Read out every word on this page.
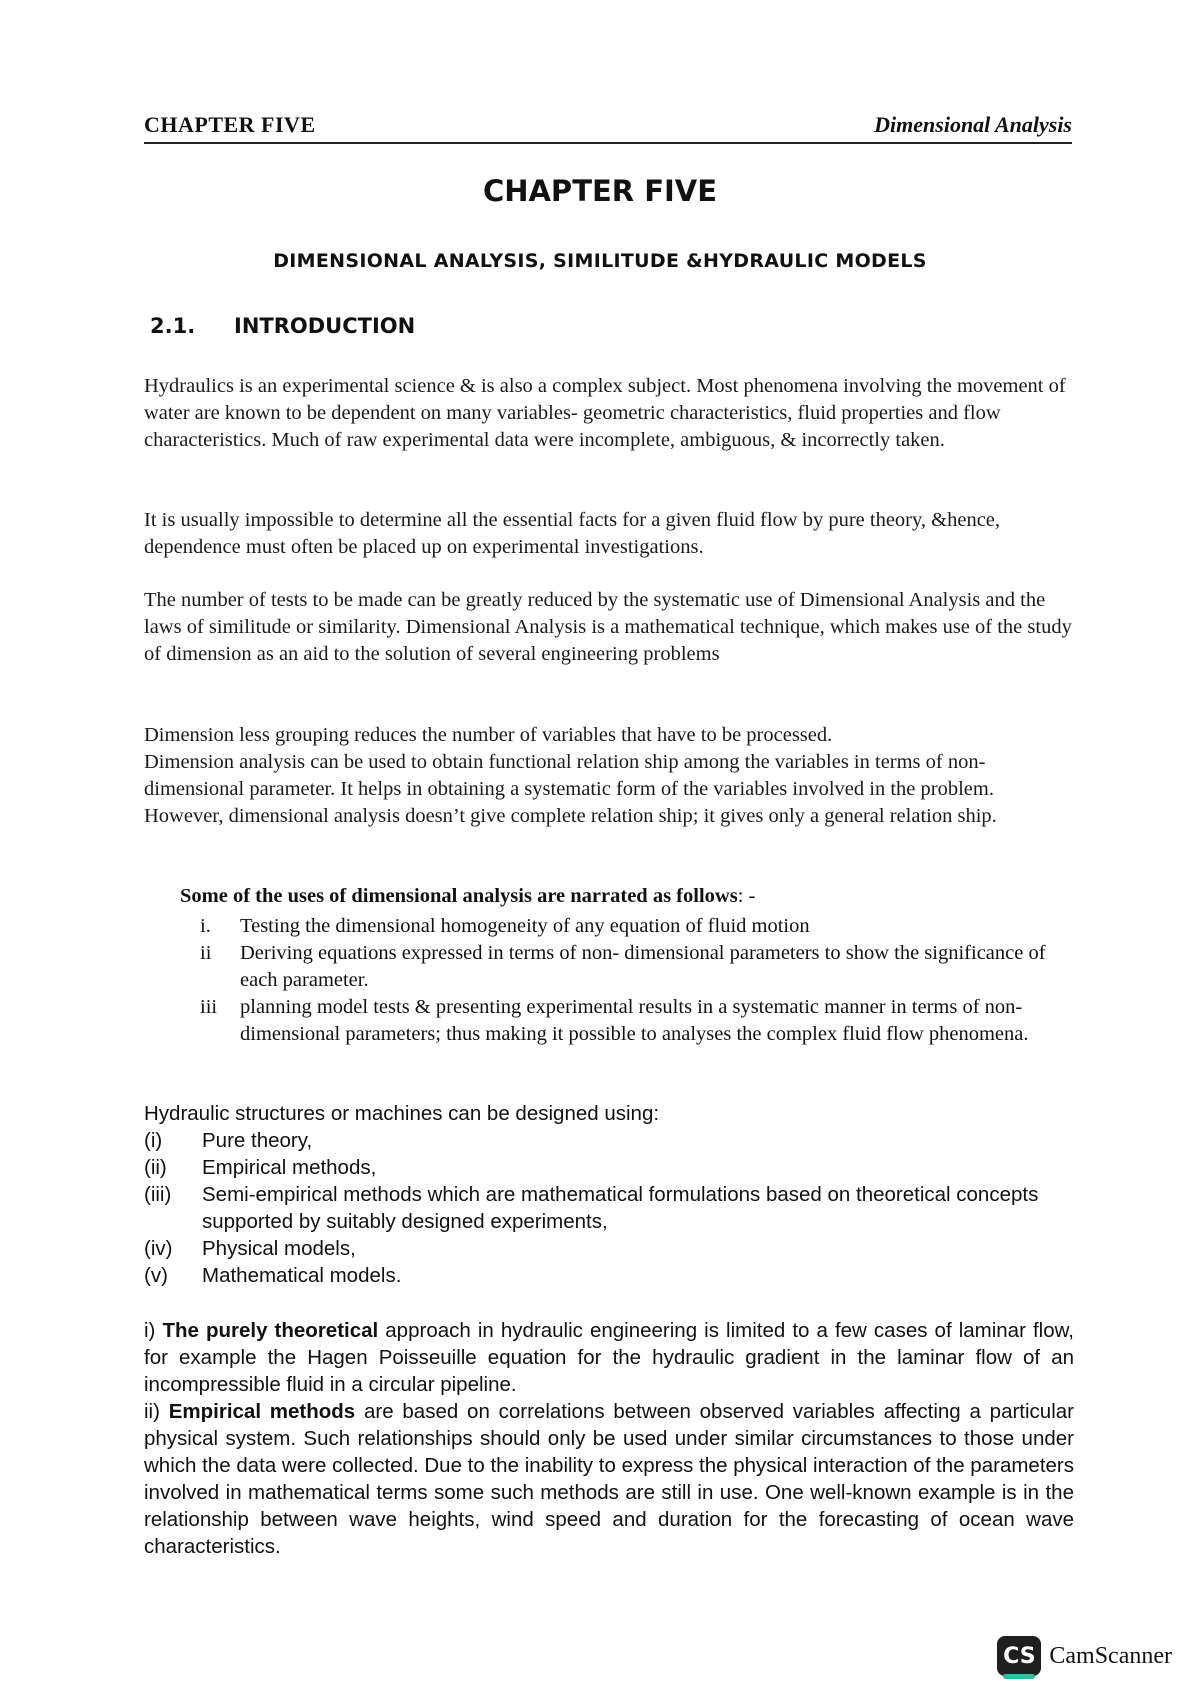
CHAPTER FIVE	Dimensional Analysis
CHAPTER FIVE
DIMENSIONAL ANALYSIS, SIMILITUDE &HYDRAULIC MODELS
2.1. INTRODUCTION

Hydraulics is an experimental science & is also a complex subject. Most phenomena involving the movement of water are known to be dependent on many variables- geometric characteristics, fluid properties and flow characteristics. Much of raw experimental data were incomplete, ambiguous, & incorrectly taken.

It is usually impossible to determine all the essential facts for a given fluid flow by pure theory, &hence, dependence must often be placed up on experimental investigations.

The number of tests to be made can be greatly reduced by the systematic use of Dimensional Analysis and the laws of similitude or similarity. Dimensional Analysis is a mathematical technique, which makes use of the study of dimension as an aid to the solution of several engineering problems

Dimension less grouping reduces the number of variables that have to be processed.

Dimension analysis can be used to obtain functional relation ship among the variables in terms of non- dimensional parameter. It helps in obtaining a systematic form of the variables involved in the problem. However, dimensional analysis doesn’t give complete relation ship; it gives only a general relation ship.

Some of the uses of dimensional analysis are narrated as follows: -
i.	Testing the dimensional homogeneity of any equation of fluid motion
ii	Deriving equations expressed in terms of non- dimensional parameters to show the significance of each parameter.
iii	planning model tests & presenting experimental results in a systematic manner in terms of non- dimensional parameters; thus making it possible to analyses the complex fluid flow phenomena.
Hydraulic structures or machines can be designed using:
(i)	Pure theory,
(ii)	Empirical methods,
(iii)	Semi-empirical methods which are mathematical formulations based on theoretical concepts supported by suitably designed experiments,
(iv)	Physical models,
(v)	Mathematical models.

i) The purely theoretical approach in hydraulic engineering is limited to a few cases of laminar flow, for example the Hagen Poisseuille equation for the hydraulic gradient in the laminar flow of an incompressible fluid in a circular pipeline.

ii) Empirical methods are based on correlations between observed variables affecting a particular physical system. Such relationships should only be used under similar circumstances to those under which the data were collected. Due to the inability to express the physical interaction of the parameters involved in mathematical terms some such methods are still in use. One well-known example is in the relationship between wave heights, wind speed and duration for the forecasting of ocean wave characteristics.

CS CamScanner
